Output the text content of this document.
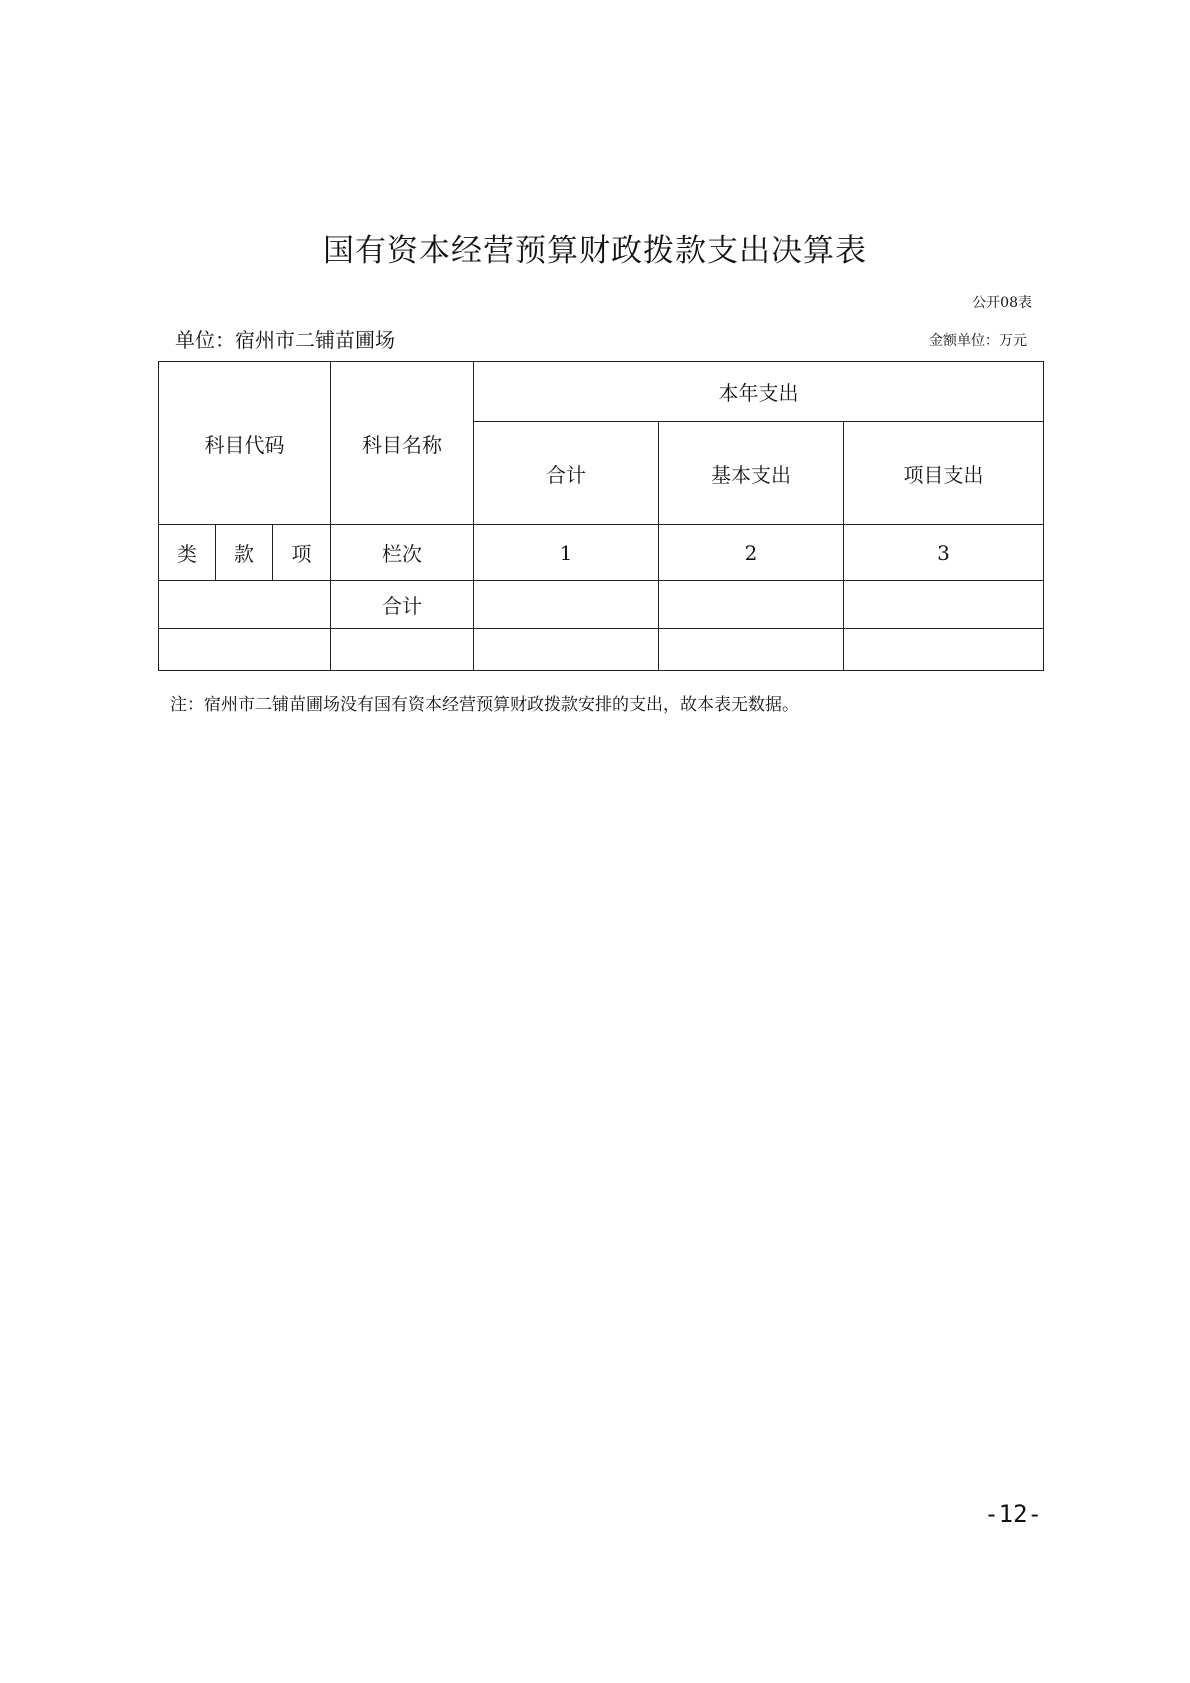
国有资本经营预算财政拨款支出决算表
公开08表
单位：宿州市二铺苗圃场	金额单位：万元
科目代码			科目名称	本年支出		
				合计	基本支出	项目支出
类	款	项	栏次	1	2	3
			合计			

注：宿州市二铺苗圃场没有国有资本经营预算财政拨款安排的支出，故本表无数据。
-12-
